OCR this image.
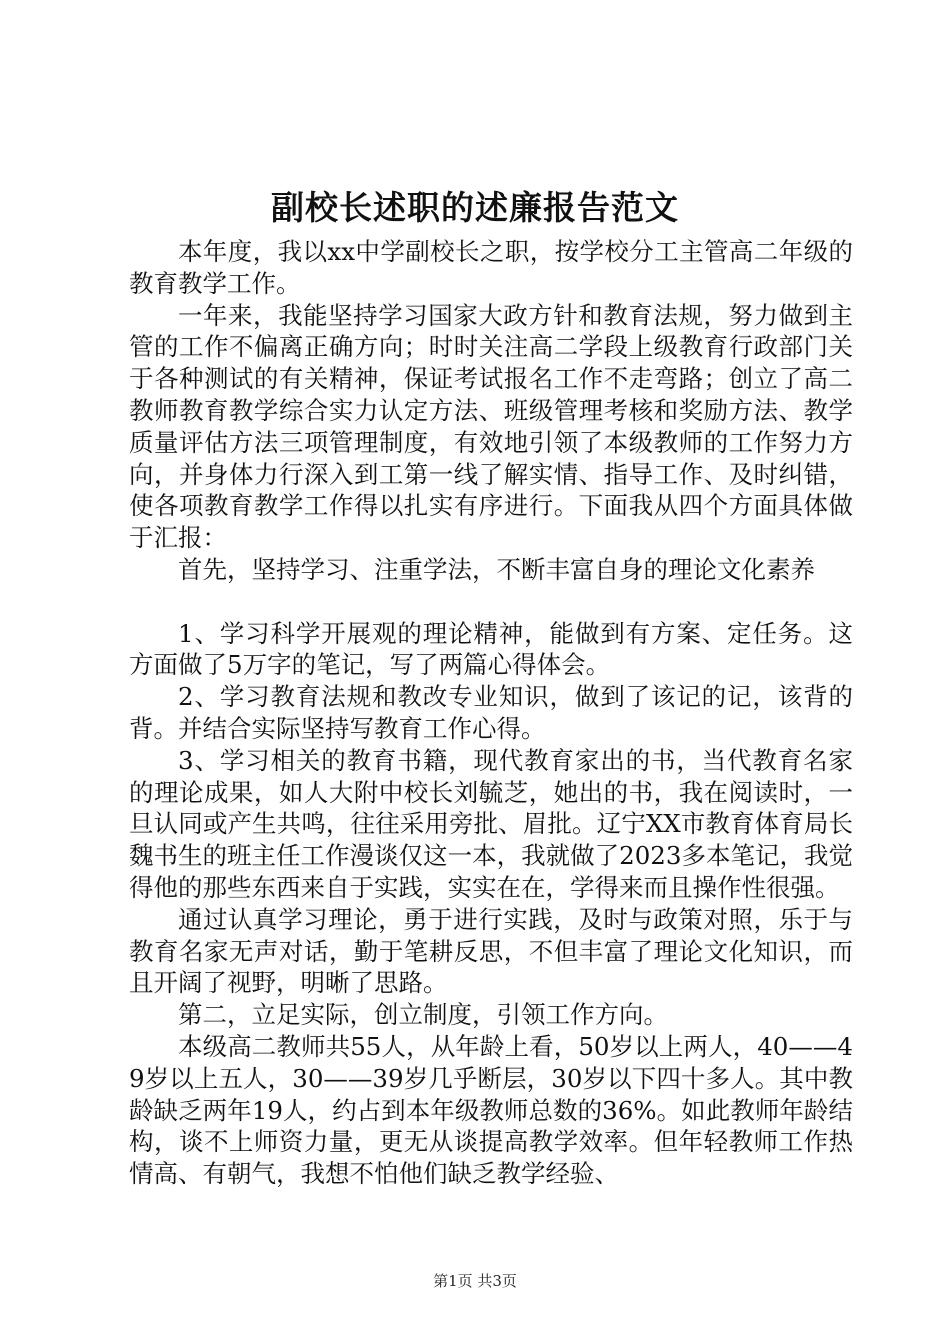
副校长述职的述廉报告范文

本年度，我以xx中学副校长之职，按学校分工主管高二年级的教育教学工作。

一年来，我能坚持学习国家大政方针和教育法规，努力做到主管的工作不偏离正确方向；时时关注高二学段上级教育行政部门关于各种测试的有关精神，保证考试报名工作不走弯路；创立了高二教师教育教学综合实力认定方法、班级管理考核和奖励方法、教学质量评估方法三项管理制度，有效地引领了本级教师的工作努力方向，并身体力行深入到工第一线了解实情、指导工作、及时纠错，使各项教育教学工作得以扎实有序进行。下面我从四个方面具体做于汇报：

首先，坚持学习、注重学法，不断丰富自身的理论文化素养

1、学习科学开展观的理论精神，能做到有方案、定任务。这方面做了5万字的笔记，写了两篇心得体会。

2、学习教育法规和教改专业知识，做到了该记的记，该背的背。并结合实际坚持写教育工作心得。

3、学习相关的教育书籍，现代教育家出的书，当代教育名家的理论成果，如人大附中校长刘毓芝，她出的书，我在阅读时，一旦认同或产生共鸣，往往采用旁批、眉批。辽宁XX市教育体育局长魏书生的班主任工作漫谈仅这一本，我就做了2023多本笔记，我觉得他的那些东西来自于实践，实实在在，学得来而且操作性很强。

通过认真学习理论，勇于进行实践，及时与政策对照，乐于与教育名家无声对话，勤于笔耕反思，不但丰富了理论文化知识，而且开阔了视野，明晰了思路。

第二，立足实际，创立制度，引领工作方向。

本级高二教师共55人，从年龄上看，50岁以上两人，40——49岁以上五人，30——39岁几乎断层，30岁以下四十多人。其中教龄缺乏两年19人，约占到本年级教师总数的36%。如此教师年龄结构，谈不上师资力量，更无从谈提高教学效率。但年轻教师工作热情高、有朝气，我想不怕他们缺乏教学经验、

第1页 共3页
